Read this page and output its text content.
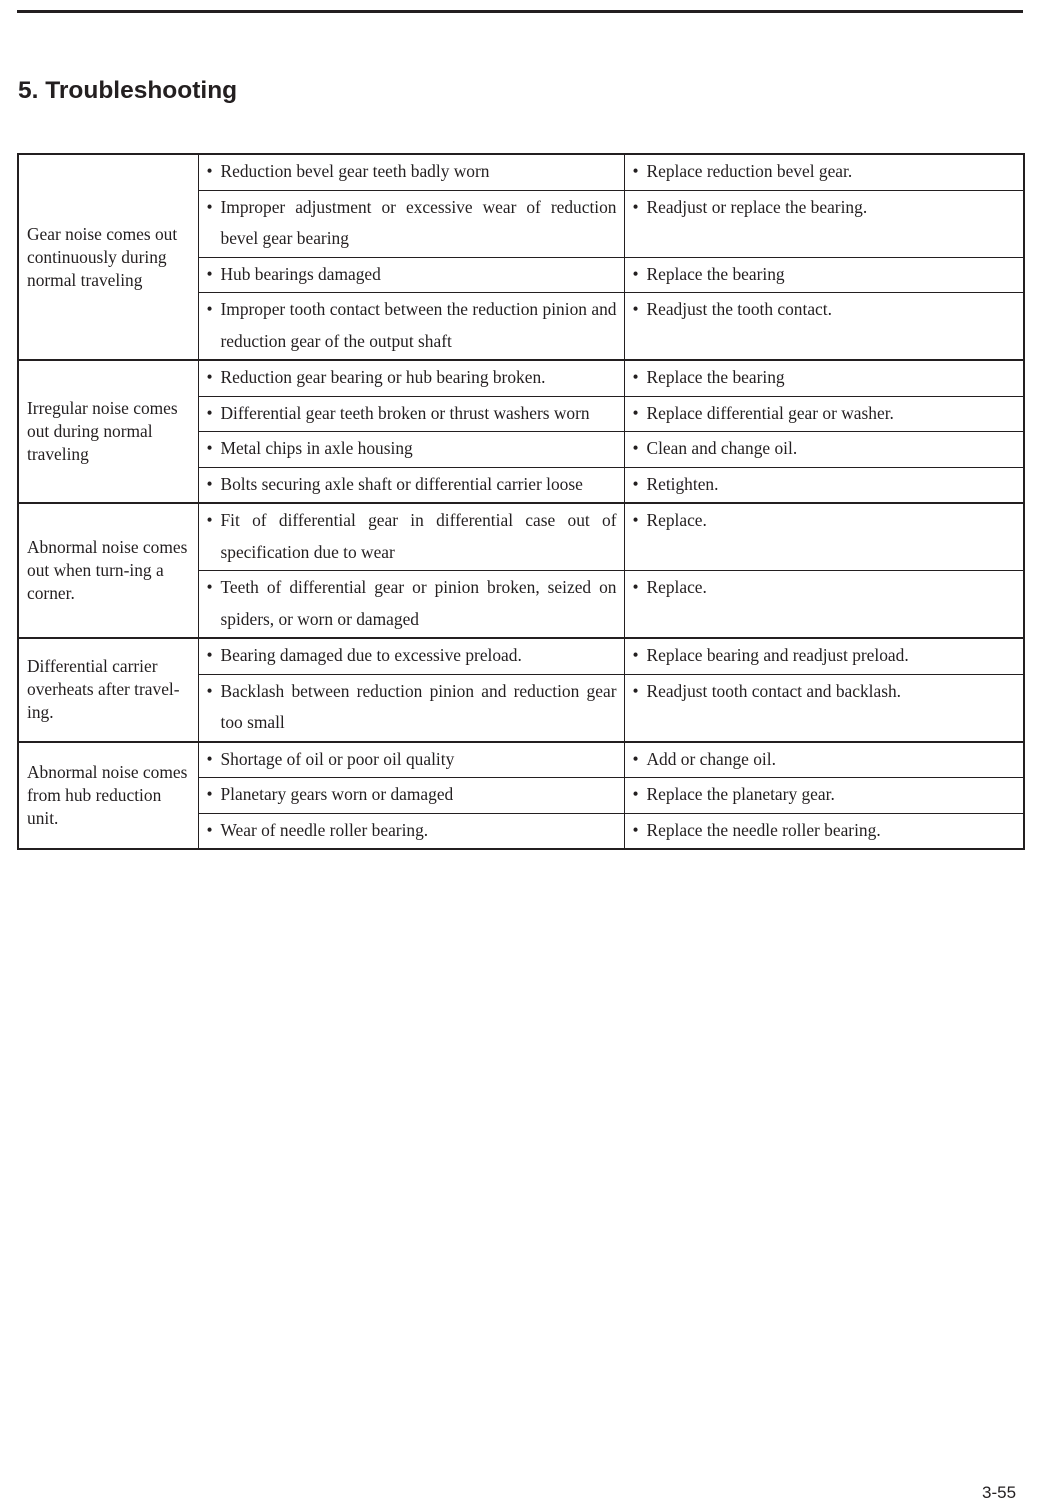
5. Troubleshooting
Gear noise comes out continuously during normal traveling	• Reduction bevel gear teeth badly worn	• Replace reduction bevel gear.

	• Improper adjustment or excessive wear of reduction bevel gear bearing	• Readjust or replace the bearing.

	• Hub bearings damaged	• Replace the bearing

	• Improper tooth contact between the reduction pinion and reduction gear of the output shaft	• Readjust the tooth contact.

Irregular noise comes out during normal traveling	• Reduction gear bearing or hub bearing broken.	• Replace the bearing

	• Differential gear teeth broken or thrust washers worn	• Replace differential gear or washer.

	• Metal chips in axle housing	• Clean and change oil.

	• Bolts securing axle shaft or differential carrier loose	• Retighten.

Abnormal noise comes out when turn-ing a corner.	• Fit of differential gear in differential case out of specification due to wear	• Replace.

	• Teeth of differential gear or pinion broken, seized on spiders, or worn or damaged	• Replace.

Differential carrier overheats after travel-ing.	• Bearing damaged due to excessive preload.	• Replace bearing and readjust preload.

	• Backlash between reduction pinion and reduction gear too small	• Readjust tooth contact and backlash.

Abnormal noise comes from hub reduction unit.	• Shortage of oil or poor oil quality	• Add or change oil.

	• Planetary gears worn or damaged	• Replace the planetary gear.

	• Wear of needle roller bearing.	• Replace the needle roller bearing.
3-55
